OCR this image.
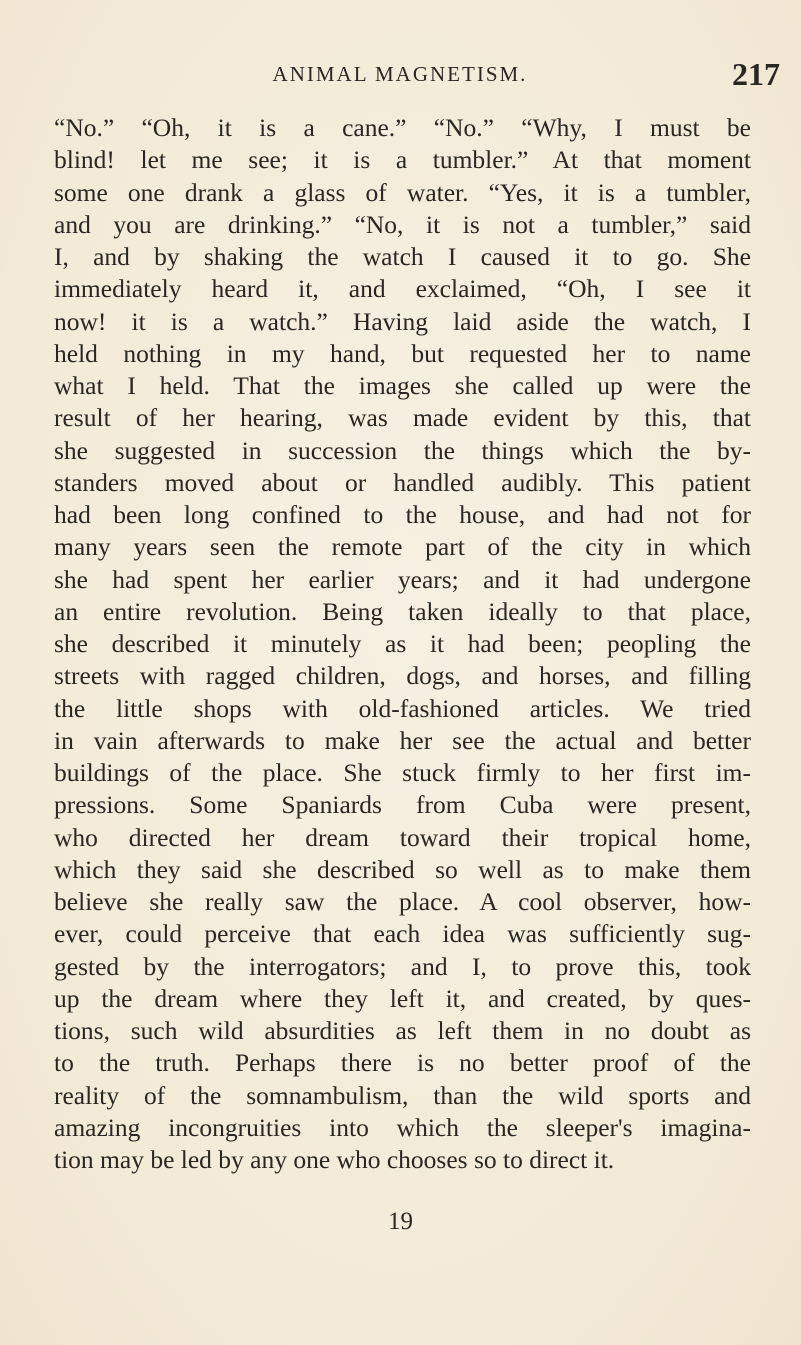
ANIMAL MAGNETISM.	217
“No.” “Oh, it is a cane.” “No.” “Why, I must be
blind! let me see; it is a tumbler.” At that moment
some one drank a glass of water. “Yes, it is a tumbler,
and you are drinking.” “No, it is not a tumbler,” said
I, and by shaking the watch I caused it to go. She
immediately heard it, and exclaimed, “Oh, I see it
now! it is a watch.” Having laid aside the watch, I
held nothing in my hand, but requested her to name
what I held. That the images she called up were the
result of her hearing, was made evident by this, that
she suggested in succession the things which the by-
standers moved about or handled audibly. This patient
had been long confined to the house, and had not for
many years seen the remote part of the city in which
she had spent her earlier years; and it had undergone
an entire revolution. Being taken ideally to that place,
she described it minutely as it had been; peopling the
streets with ragged children, dogs, and horses, and filling
the little shops with old-fashioned articles. We tried
in vain afterwards to make her see the actual and better
buildings of the place. She stuck firmly to her first im-
pressions. Some Spaniards from Cuba were present,
who directed her dream toward their tropical home,
which they said she described so well as to make them
believe she really saw the place. A cool observer, how-
ever, could perceive that each idea was sufficiently sug-
gested by the interrogators; and I, to prove this, took
up the dream where they left it, and created, by ques-
tions, such wild absurdities as left them in no doubt as
to the truth. Perhaps there is no better proof of the
reality of the somnambulism, than the wild sports and
amazing incongruities into which the sleeper's imagina-
tion may be led by any one who chooses so to direct it.
19
